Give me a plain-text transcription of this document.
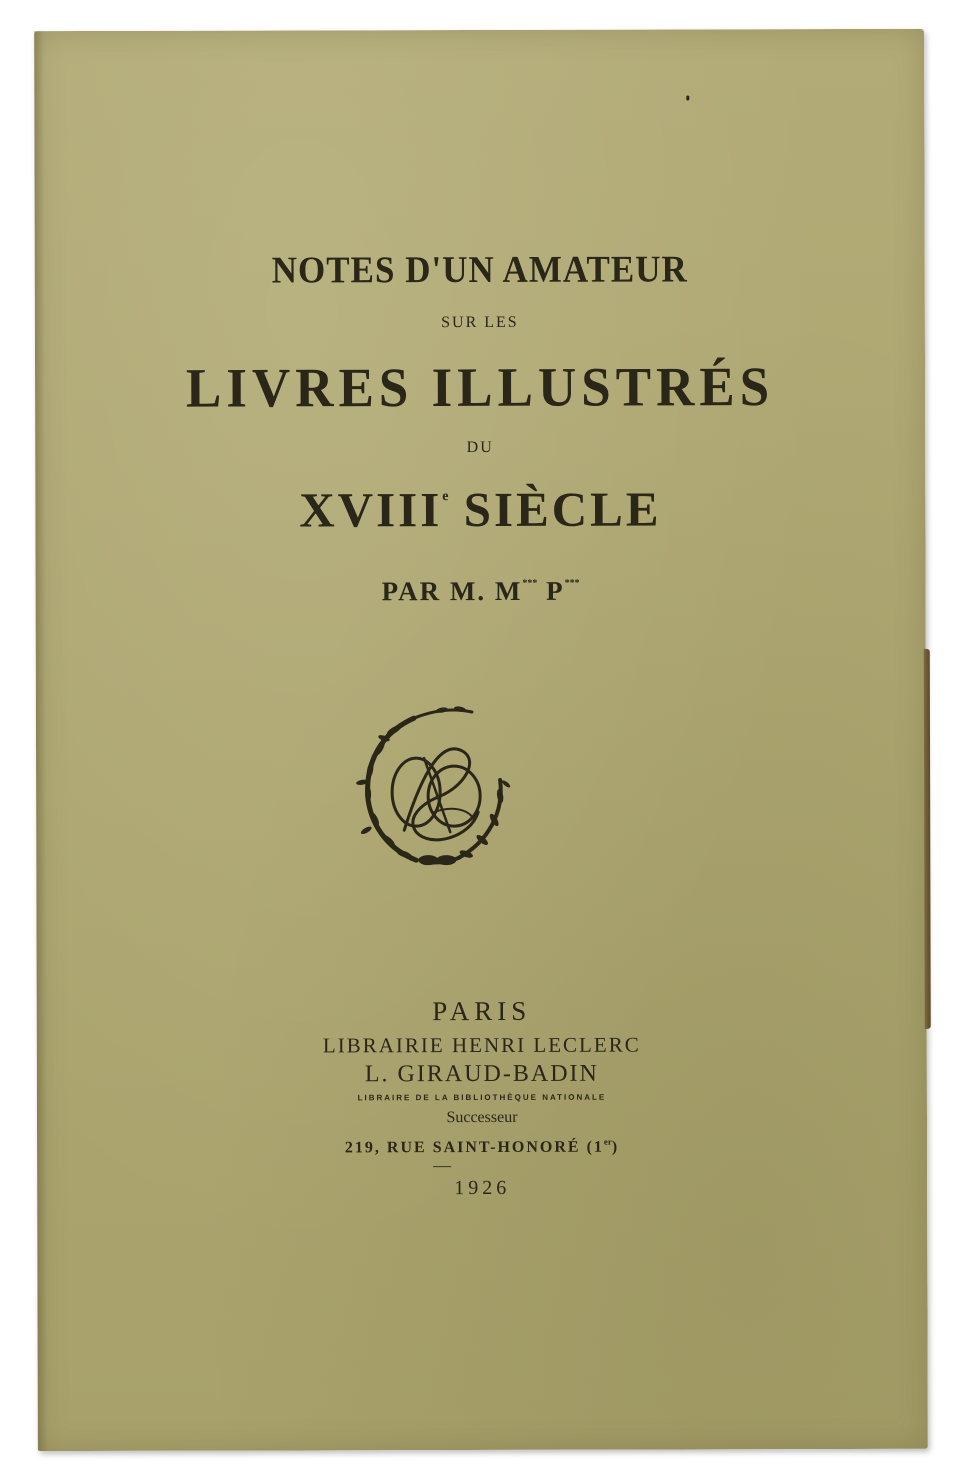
NOTES D'UN AMATEUR
SUR LES
LIVRES ILLUSTRÉS
DU
XVIIIe SIÈCLE
PAR M. M*** P***
PARIS
LIBRAIRIE HENRI LECLERC
L. GIRAUD-BADIN
LIBRAIRE DE LA BIBLIOTHÈQUE NATIONALE
Successeur
219, RUE SAINT-HONORÉ (1er)
1926
